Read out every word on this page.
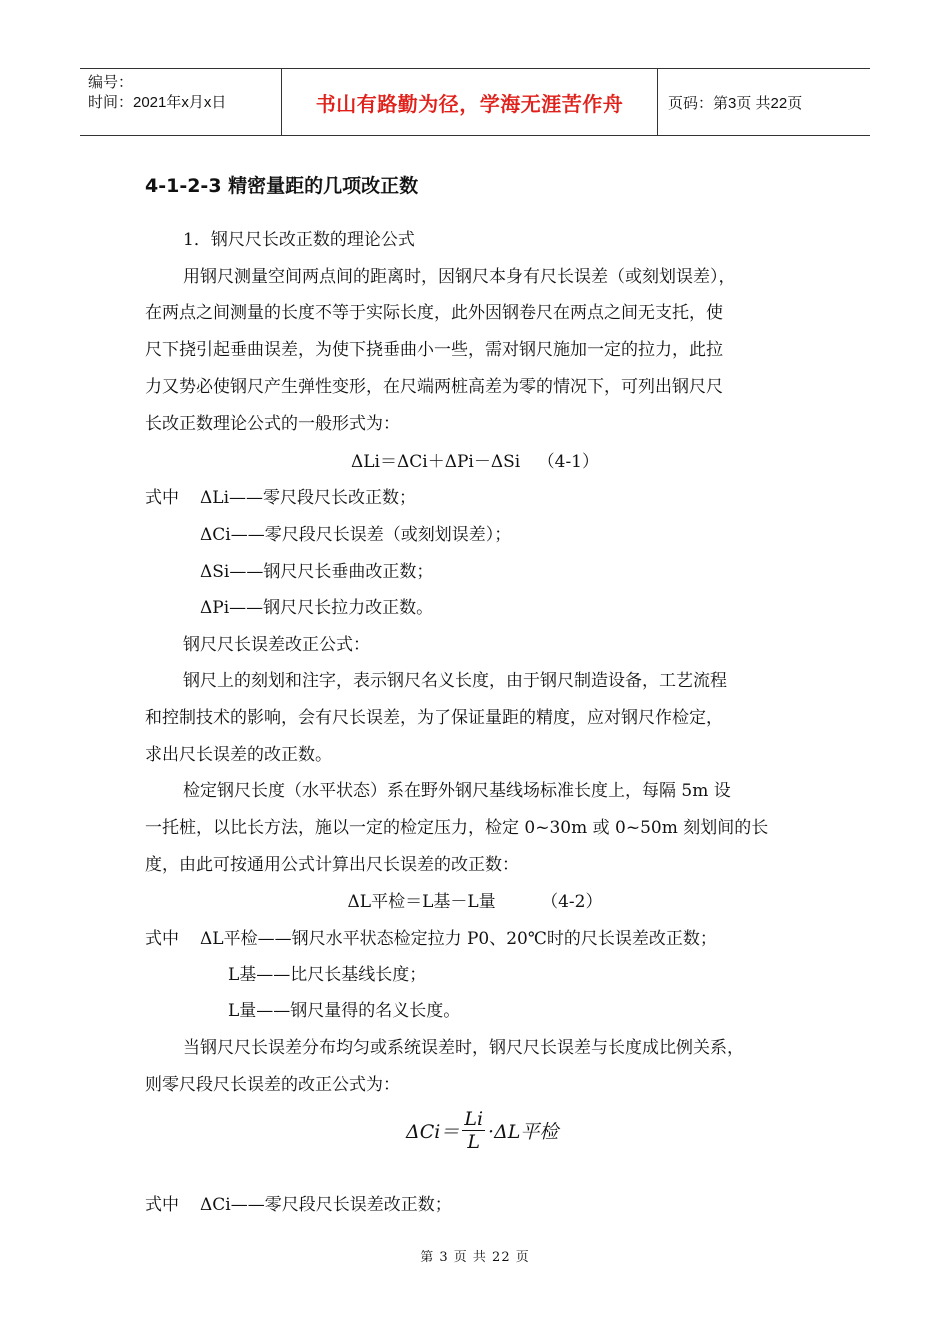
编号：
时间：2021年x月x日	书山有路勤为径，学海无涯苦作舟	页码：第3页 共22页
4-1-2-3 精密量距的几项改正数
1．钢尺尺长改正数的理论公式
用钢尺测量空间两点间的距离时，因钢尺本身有尺长误差（或刻划误差），
在两点之间测量的长度不等于实际长度，此外因钢卷尺在两点之间无支托，使
尺下挠引起垂曲误差，为使下挠垂曲小一些，需对钢尺施加一定的拉力，此拉
力又势必使钢尺产生弹性变形，在尺端两桩高差为零的情况下，可列出钢尺尺
长改正数理论公式的一般形式为：
ΔLi＝ΔCi＋ΔPi－ΔSi （4-1）
式中 ΔLi——零尺段尺长改正数；
ΔCi——零尺段尺长误差（或刻划误差）；
ΔSi——钢尺尺长垂曲改正数；
ΔPi——钢尺尺长拉力改正数。
钢尺尺长误差改正公式：
钢尺上的刻划和注字，表示钢尺名义长度，由于钢尺制造设备，工艺流程
和控制技术的影响，会有尺长误差，为了保证量距的精度，应对钢尺作检定，
求出尺长误差的改正数。
检定钢尺长度（水平状态）系在野外钢尺基线场标准长度上，每隔 5m 设
一托桩，以比长方法，施以一定的检定压力，检定 0~30m 或 0~50m 刻划间的长
度，由此可按通用公式计算出尺长误差的改正数：
ΔL平检＝L基－L量	（4-2）
式中 ΔL平检——钢尺水平状态检定拉力 P0、20℃时的尺长误差改正数；
L基——比尺长基线长度；
L量——钢尺量得的名义长度。
当钢尺尺长误差分布均匀或系统误差时，钢尺尺长误差与长度成比例关系，
则零尺段尺长误差的改正公式为：
$\Delta Ci= \frac{Li}{L} \cdot\Delta L$平检
式中 ΔCi——零尺段尺长误差改正数；
第 3 页 共 22 页
